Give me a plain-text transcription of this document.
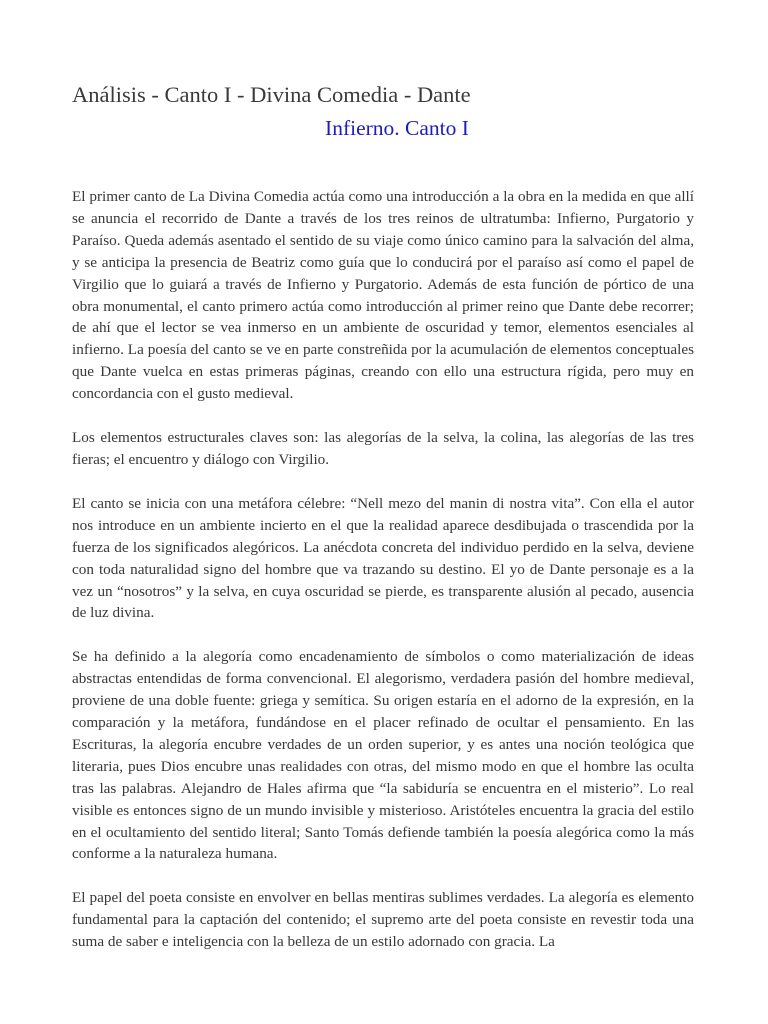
Análisis - Canto I - Divina Comedia - Dante
Infierno. Canto I

El primer canto de La Divina Comedia actúa como una introducción a la obra en la medida en que allí se anuncia el recorrido de Dante a través de los tres reinos de ultratumba: Infierno, Purgatorio y Paraíso. Queda además asentado el sentido de su viaje como único camino para la salvación del alma, y se anticipa la presencia de Beatriz como guía que lo conducirá por el paraíso así como el papel de Virgilio que lo guiará a través de Infierno y Purgatorio. Además de esta función de pórtico de una obra monumental, el canto primero actúa como introducción al primer reino que Dante debe recorrer; de ahí que el lector se vea inmerso en un ambiente de oscuridad y temor, elementos esenciales al infierno. La poesía del canto se ve en parte constreñida por la acumulación de elementos conceptuales que Dante vuelca en estas primeras páginas, creando con ello una estructura rígida, pero muy en concordancia con el gusto medieval.

Los elementos estructurales claves son: las alegorías de la selva, la colina, las alegorías de las tres fieras; el encuentro y diálogo con Virgilio.

El canto se inicia con una metáfora célebre: “Nell mezo del manin di nostra vita”. Con ella el autor nos introduce en un ambiente incierto en el que la realidad aparece desdibujada o trascendida por la fuerza de los significados alegóricos. La anécdota concreta del individuo perdido en la selva, deviene con toda naturalidad signo del hombre que va trazando su destino. El yo de Dante personaje es a la vez un “nosotros” y la selva, en cuya oscuridad se pierde, es transparente alusión al pecado, ausencia de luz divina.

Se ha definido a la alegoría como encadenamiento de símbolos o como materialización de ideas abstractas entendidas de forma convencional. El alegorismo, verdadera pasión del hombre medieval, proviene de una doble fuente: griega y semítica. Su origen estaría en el adorno de la expresión, en la comparación y la metáfora, fundándose en el placer refinado de ocultar el pensamiento. En las Escrituras, la alegoría encubre verdades de un orden superior, y es antes una noción teológica que literaria, pues Dios encubre unas realidades con otras, del mismo modo en que el hombre las oculta tras las palabras. Alejandro de Hales afirma que “la sabiduría se encuentra en el misterio”. Lo real visible es entonces signo de un mundo invisible y misterioso. Aristóteles encuentra la gracia del estilo en el ocultamiento del sentido literal; Santo Tomás defiende también la poesía alegórica como la más conforme a la naturaleza humana.

El papel del poeta consiste en envolver en bellas mentiras sublimes verdades. La alegoría es elemento fundamental para la captación del contenido; el supremo arte del poeta consiste en revestir toda una suma de saber e inteligencia con la belleza de un estilo adornado con gracia. La
